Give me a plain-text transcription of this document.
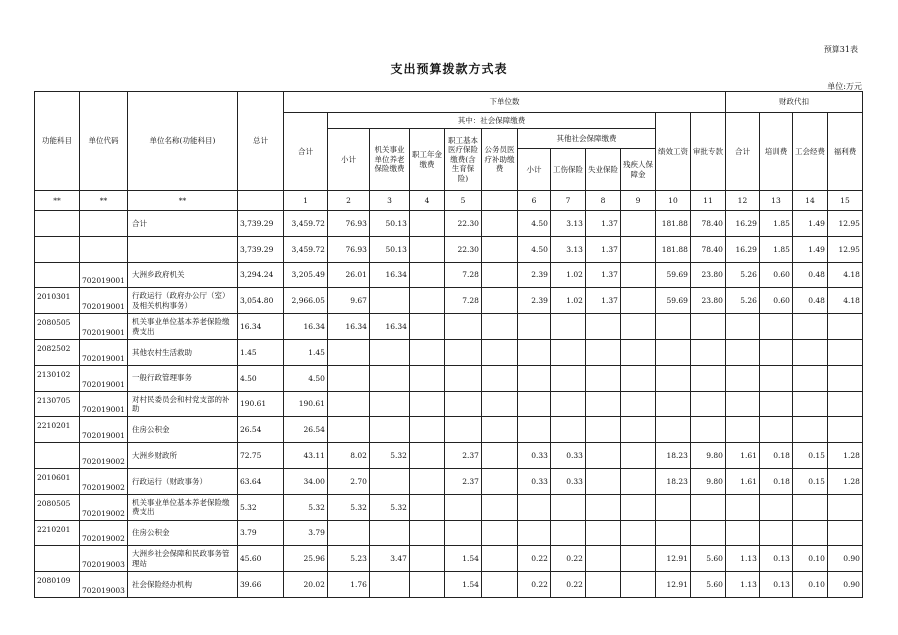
预算31表
支出预算拨款方式表
单位:万元
功能科目	单位代码	单位名称(功能科目)	总计	下单位数												财政代扣			
				合计	其中：社会保障缴费									绩效工资	审批专款	合计	培训费	工会经费	福利费
					小计	机关事业单位养老保险缴费	职工年金缴费	职工基本医疗保险缴费(含生育保险)	公务员医疗补助缴费	其他社会保障缴费									
										小计	工伤保险	失业保险	残疾人保障金						
**	**	**		1	2	3	4	5		6	7	8	9	10	11	12	13	14	15
		合计	3,739.29	3,459.72	76.93	50.13		22.30		4.50	3.13	1.37		181.88	78.40	16.29	1.85	1.49	12.95
			3,739.29	3,459.72	76.93	50.13		22.30		4.50	3.13	1.37		181.88	78.40	16.29	1.85	1.49	12.95
	702019001	大洲乡政府机关	3,294.24	3,205.49	26.01	16.34		7.28		2.39	1.02	1.37		59.69	23.80	5.26	0.60	0.48	4.18
2010301	702019001	行政运行（政府办公厅（室）及相关机构事务）	3,054.80	2,966.05	9.67			7.28		2.39	1.02	1.37		59.69	23.80	5.26	0.60	0.48	4.18
2080505	702019001	机关事业单位基本养老保险缴费支出	16.34	16.34	16.34	16.34													
2082502	702019001	其他农村生活救助	1.45	1.45															
2130102	702019001	一般行政管理事务	4.50	4.50															
2130705	702019001	对村民委员会和村党支部的补助	190.61	190.61															
2210201	702019001	住房公积金	26.54	26.54															
	702019002	大洲乡财政所	72.75	43.11	8.02	5.32		2.37		0.33	0.33			18.23	9.80	1.61	0.18	0.15	1.28
2010601	702019002	行政运行（财政事务）	63.64	34.00	2.70			2.37		0.33	0.33			18.23	9.80	1.61	0.18	0.15	1.28
2080505	702019002	机关事业单位基本养老保险缴费支出	5.32	5.32	5.32	5.32													
2210201	702019002	住房公积金	3.79	3.79															
	702019003	大洲乡社会保障和民政事务管理站	45.60	25.96	5.23	3.47		1.54		0.22	0.22			12.91	5.60	1.13	0.13	0.10	0.90
2080109	702019003	社会保险经办机构	39.66	20.02	1.76			1.54		0.22	0.22			12.91	5.60	1.13	0.13	0.10	0.90
